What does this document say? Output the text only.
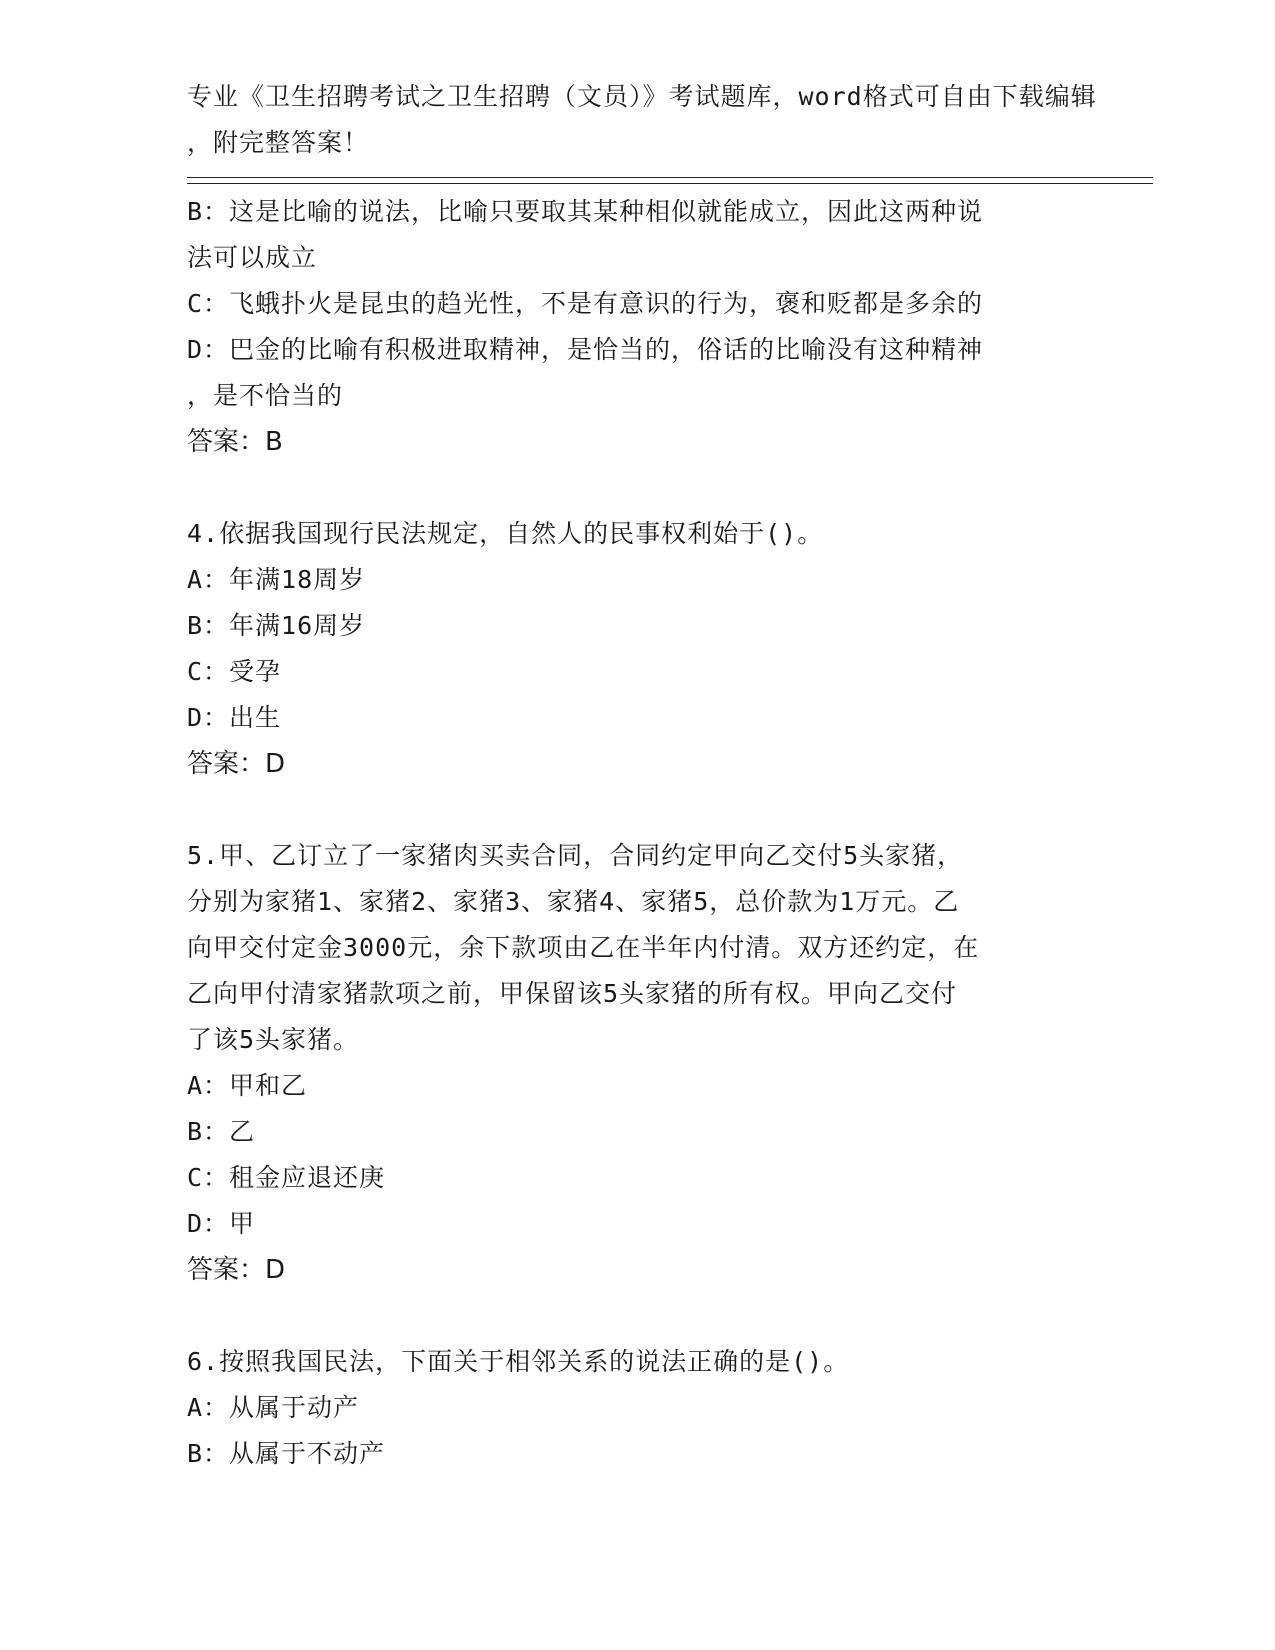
专业《卫生招聘考试之卫生招聘（文员）》考试题库，word格式可自由下载编辑
，附完整答案！
B：这是比喻的说法，比喻只要取其某种相似就能成立，因此这两种说
法可以成立
C：飞蛾扑火是昆虫的趋光性，不是有意识的行为，褒和贬都是多余的
D：巴金的比喻有积极进取精神，是恰当的，俗话的比喻没有这种精神
，是不恰当的
答案：B
4.依据我国现行民法规定，自然人的民事权利始于()。
A：年满18周岁
B：年满16周岁
C：受孕
D：出生
答案：D
5.甲、乙订立了一家猪肉买卖合同，合同约定甲向乙交付5头家猪，
分别为家猪1、家猪2、家猪3、家猪4、家猪5，总价款为1万元。乙
向甲交付定金3000元，余下款项由乙在半年内付清。双方还约定，在
乙向甲付清家猪款项之前，甲保留该5头家猪的所有权。甲向乙交付
了该5头家猪。
A：甲和乙
B：乙
C：租金应退还庚
D：甲
答案：D
6.按照我国民法，下面关于相邻关系的说法正确的是()。
A：从属于动产
B：从属于不动产
